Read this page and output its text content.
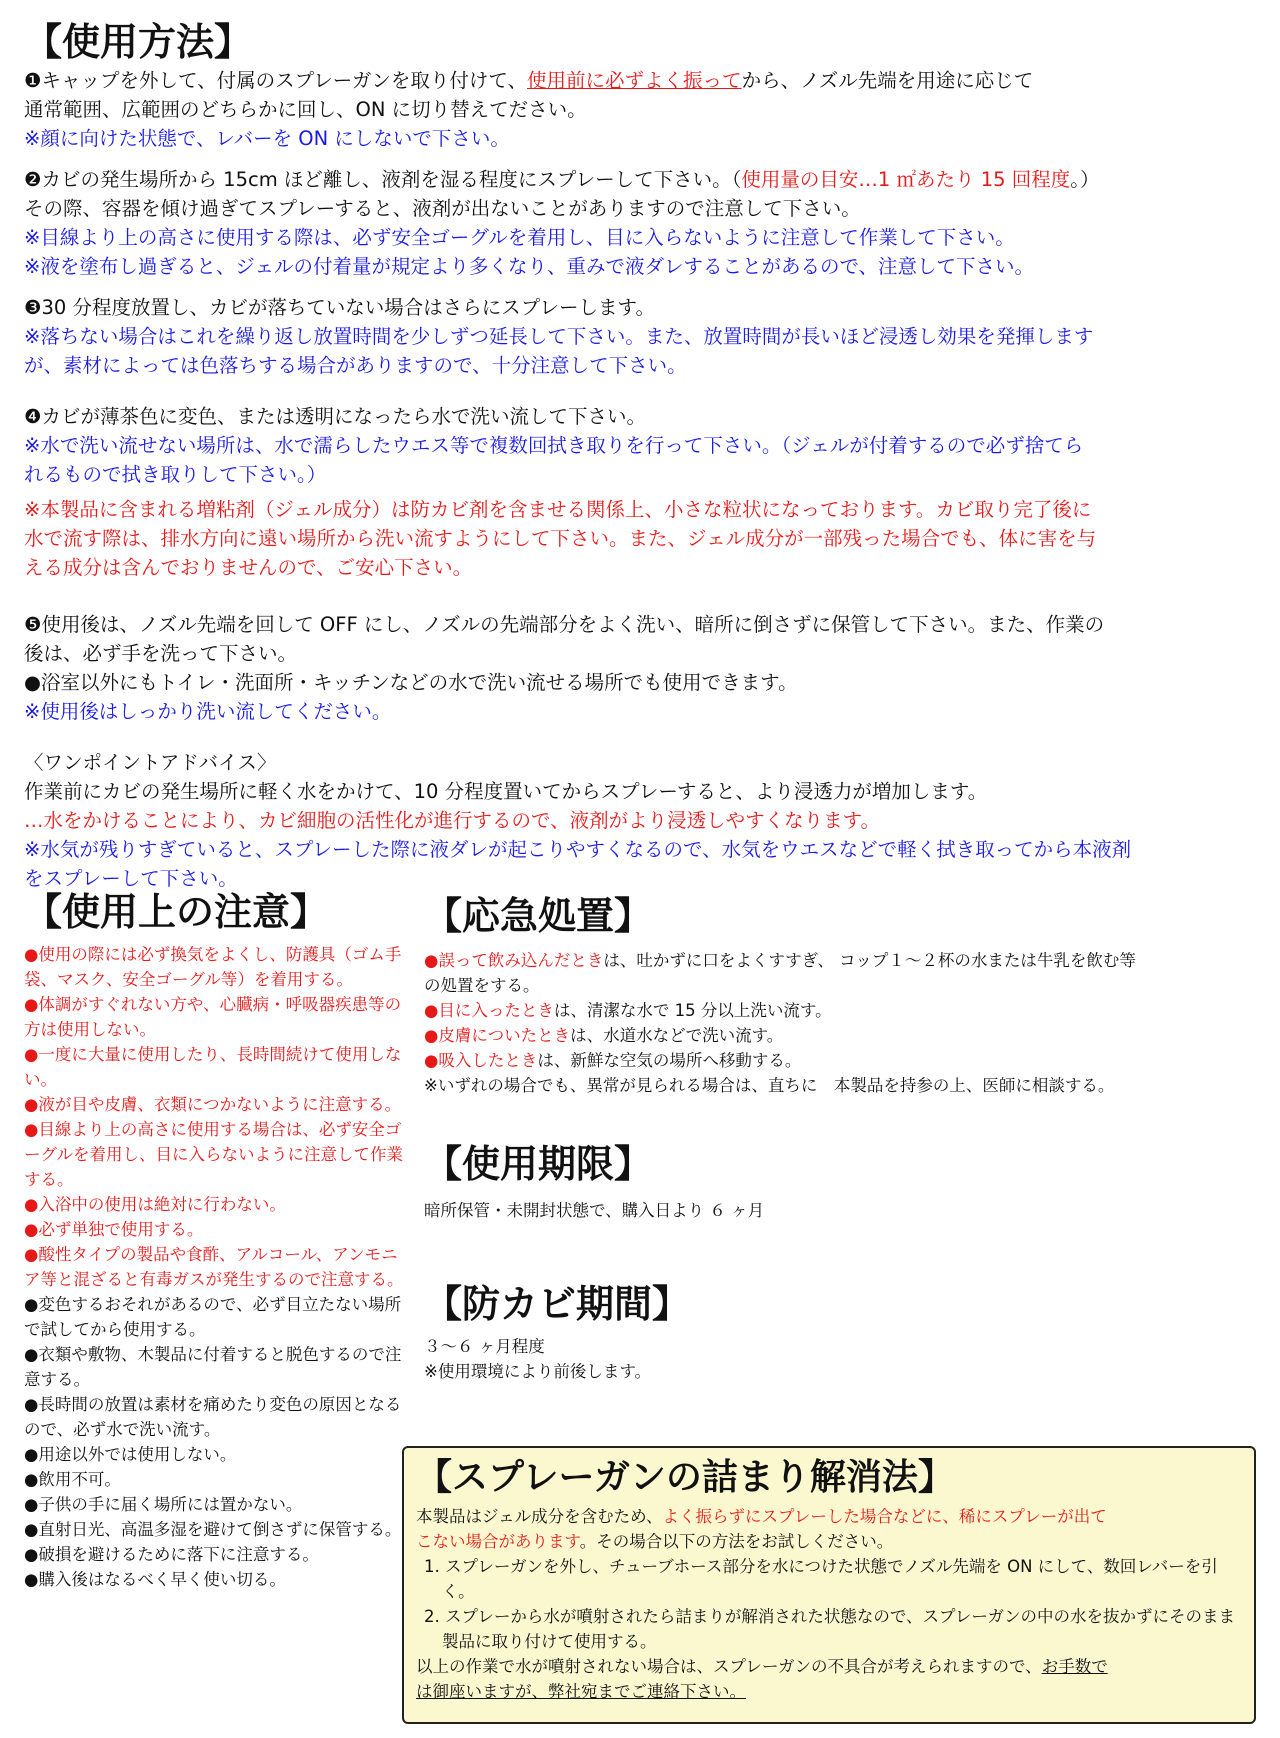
【使用方法】

❶キャップを外して、付属のスプレーガンを取り付けて、使用前に必ずよく振ってから、ノズル先端を用途に応じて

通常範囲、広範囲のどちらかに回し、ON に切り替えてださい。

※顔に向けた状態で、レバーを ON にしないで下さい。

❷カビの発生場所から 15cm ほど離し、液剤を湿る程度にスプレーして下さい。（使用量の目安…1 ㎡あたり 15 回程度。）

その際、容器を傾け過ぎてスプレーすると、液剤が出ないことがありますので注意して下さい。

※目線より上の高さに使用する際は、必ず安全ゴーグルを着用し、目に入らないように注意して作業して下さい。

※液を塗布し過ぎると、ジェルの付着量が規定より多くなり、重みで液ダレすることがあるので、注意して下さい。

❸30 分程度放置し、カビが落ちていない場合はさらにスプレーします。

※落ちない場合はこれを繰り返し放置時間を少しずつ延長して下さい。また、放置時間が長いほど浸透し効果を発揮します

が、素材によっては色落ちする場合がありますので、十分注意して下さい。

❹カビが薄茶色に変色、または透明になったら水で洗い流して下さい。

※水で洗い流せない場所は、水で濡らしたウエス等で複数回拭き取りを行って下さい。（ジェルが付着するので必ず捨てら

れるもので拭き取りして下さい。）

※本製品に含まれる増粘剤（ジェル成分）は防カビ剤を含ませる関係上、小さな粒状になっております。カビ取り完了後に

水で流す際は、排水方向に遠い場所から洗い流すようにして下さい。また、ジェル成分が一部残った場合でも、体に害を与

える成分は含んでおりませんので、ご安心下さい。

❺使用後は、ノズル先端を回して OFF にし、ノズルの先端部分をよく洗い、暗所に倒さずに保管して下さい。また、作業の

後は、必ず手を洗って下さい。

●浴室以外にもトイレ・洗面所・キッチンなどの水で洗い流せる場所でも使用できます。

※使用後はしっかり洗い流してください。

〈ワンポイントアドバイス〉

作業前にカビの発生場所に軽く水をかけて、10 分程度置いてからスプレーすると、より浸透力が増加します。

…水をかけることにより、カビ細胞の活性化が進行するので、液剤がより浸透しやすくなります。

※水気が残りすぎていると、スプレーした際に液ダレが起こりやすくなるので、水気をウエスなどで軽く拭き取ってから本液剤

をスプレーして下さい。

【使用上の注意】
●使用の際には必ず換気をよくし、防護具（ゴム手袋、マスク、安全ゴーグル等）を着用する。
●体調がすぐれない方や、心臓病・呼吸器疾患等の方は使用しない。
●一度に大量に使用したり、長時間続けて使用しない。
●液が目や皮膚、衣類につかないように注意する。
●目線より上の高さに使用する場合は、必ず安全ゴーグルを着用し、目に入らないように注意して作業する。
●入浴中の使用は絶対に行わない。
●必ず単独で使用する。
●酸性タイプの製品や食酢、アルコール、アンモニア等と混ざると有毒ガスが発生するので注意する。
●変色するおそれがあるので、必ず目立たない場所で試してから使用する。
●衣類や敷物、木製品に付着すると脱色するので注意する。
●長時間の放置は素材を痛めたり変色の原因となるので、必ず水で洗い流す。
●用途以外では使用しない。
●飲用不可。
●子供の手に届く場所には置かない。
●直射日光、高温多湿を避けて倒さずに保管する。
●破損を避けるために落下に注意する。
●購入後はなるべく早く使い切る。
【応急処置】

●誤って飲み込んだときは、吐かずに口をよくすすぎ、 コップ１～２杯の水または牛乳を飲む等

の処置をする。

●目に入ったときは、清潔な水で 15 分以上洗い流す。

●皮膚についたときは、水道水などで洗い流す。

●吸入したときは、新鮮な空気の場所へ移動する。

※いずれの場合でも、異常が見られる場合は、直ちに　本製品を持参の上、医師に相談する。

【使用期限】

暗所保管・未開封状態で、購入日より ６ ヶ月

【防カビ期間】

３～６ ヶ月程度

※使用環境により前後します。

【スプレーガンの詰まり解消法】

本製品はジェル成分を含むため、よく振らずにスプレーした場合などに、稀にスプレーが出て

こない場合があります。その場合以下の方法をお試しください。

1. スプレーガンを外し、チューブホース部分を水につけた状態でノズル先端を ON にして、数回レバーを引く。

2. スプレーから水が噴射されたら詰まりが解消された状態なので、スプレーガンの中の水を抜かずにそのまま製品に取り付けて使用する。

以上の作業で水が噴射されない場合は、スプレーガンの不具合が考えられますので、お手数で

は御座いますが、弊社宛までご連絡下さい。
